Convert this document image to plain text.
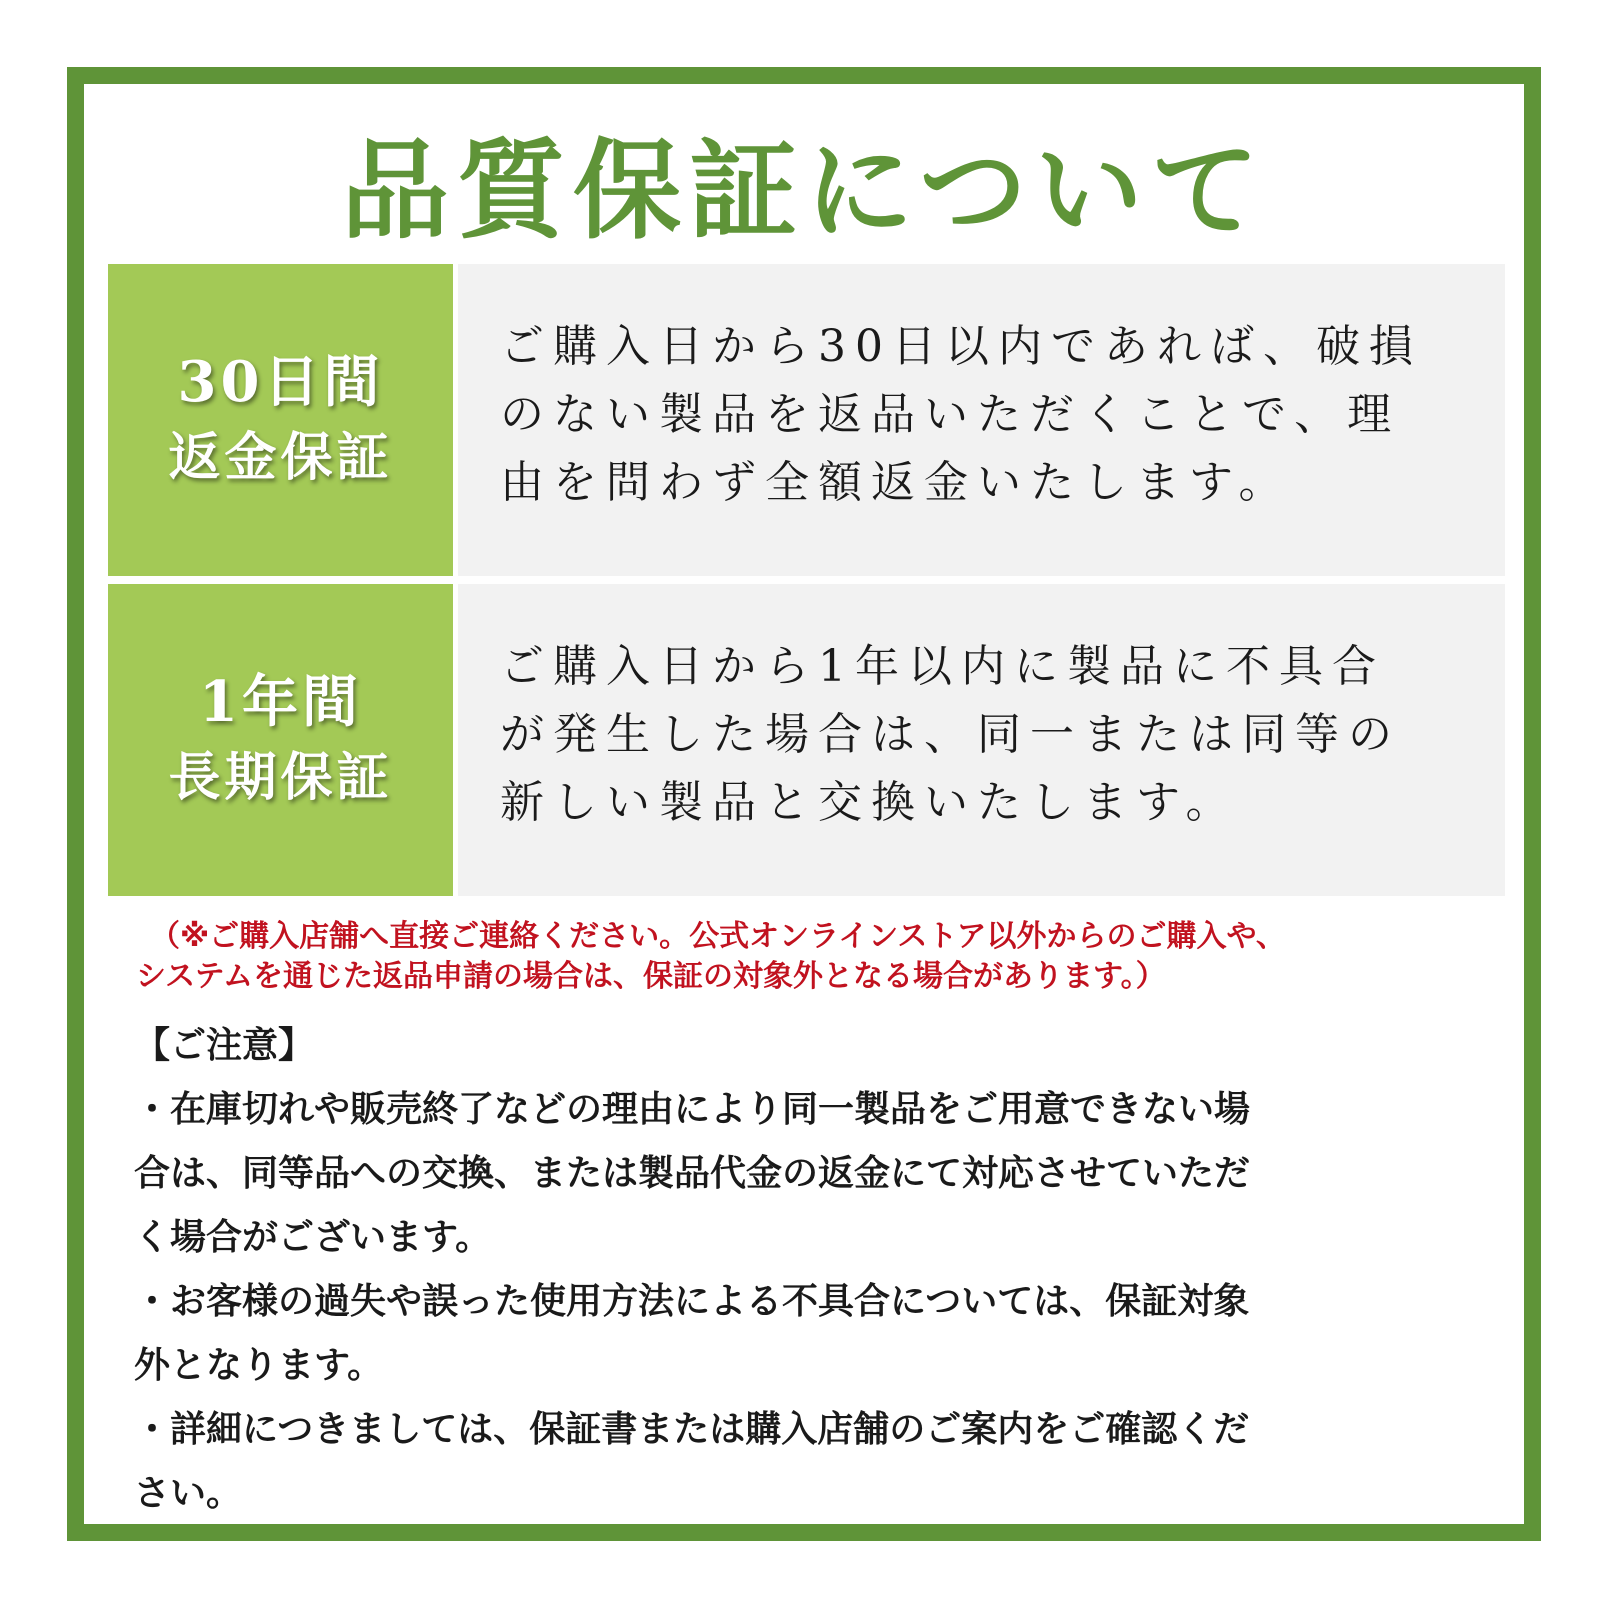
品質保証について
30日間
返金保証
ご購入日から30日以内であれば、破損
のない製品を返品いただくことで、理
由を問わず全額返金いたします。
1年間
長期保証
ご購入日から1年以内に製品に不具合
が発生した場合は、同一または同等の
新しい製品と交換いたします。
（※ご購入店舗へ直接ご連絡ください。公式オンラインストア以外からのご購入や、
システムを通じた返品申請の場合は、保証の対象外となる場合があります。）
【ご注意】
・在庫切れや販売終了などの理由により同一製品をご用意できない場
合は、同等品への交換、または製品代金の返金にて対応させていただ
く場合がございます。
・お客様の過失や誤った使用方法による不具合については、保証対象
外となります。
・詳細につきましては、保証書または購入店舗のご案内をご確認くだ
さい。
